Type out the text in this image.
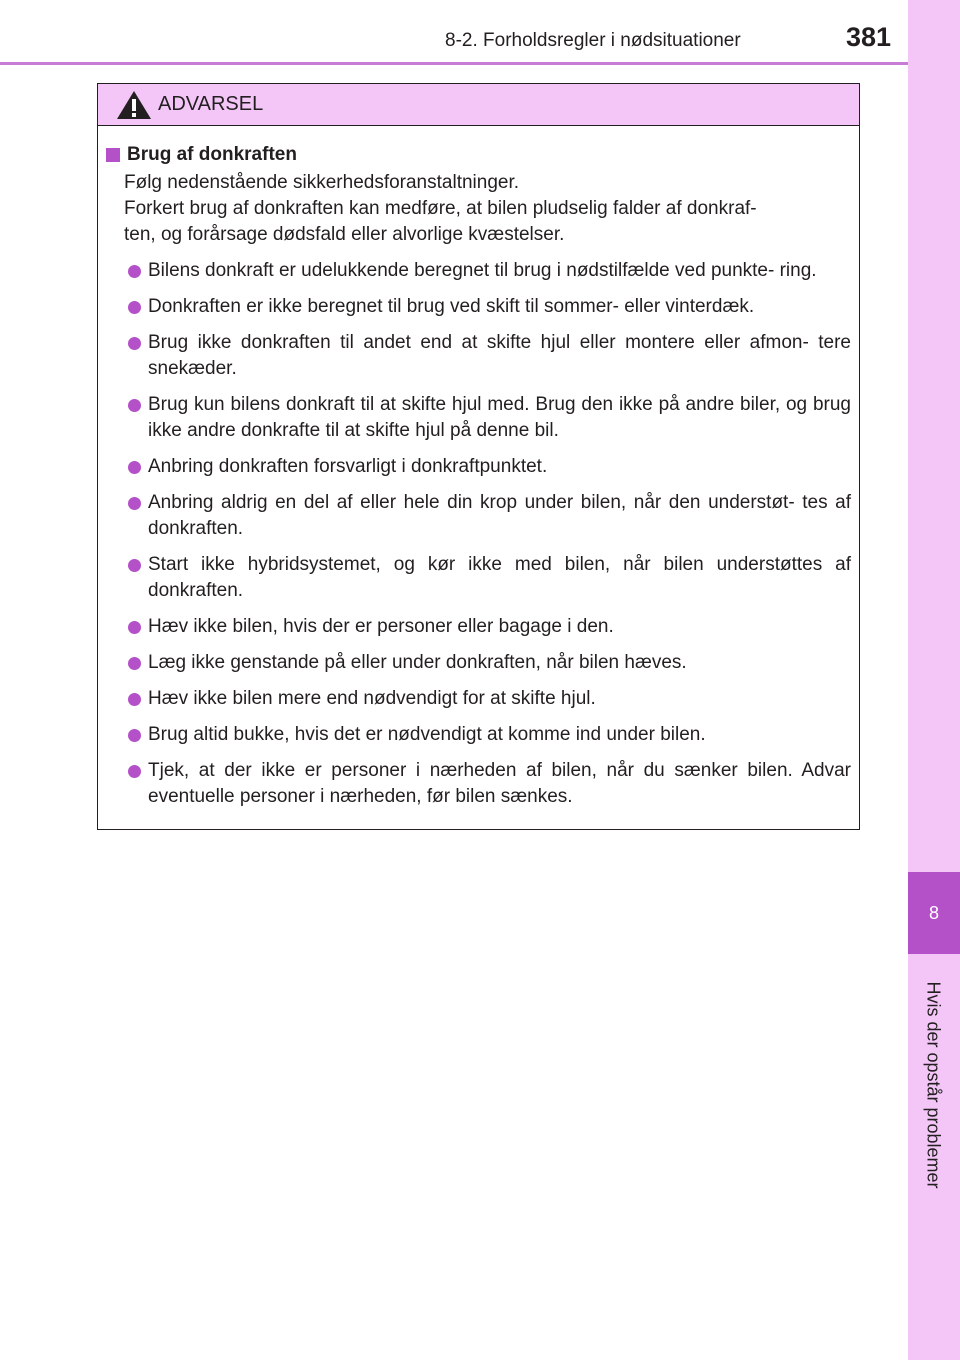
8-2. Forholdsregler i nødsituationer	381
8
Hvis der opstår problemer
ADVARSEL
Brug af donkraften
Følg nedenstående sikkerhedsforanstaltninger.
Forkert brug af donkraften kan medføre, at bilen pludselig falder af donkraf-
ten, og forårsage dødsfald eller alvorlige kvæstelser.
Bilens donkraft er udelukkende beregnet til brug i nødstilfælde ved punkte- ring.
Donkraften er ikke beregnet til brug ved skift til sommer- eller vinterdæk.
Brug ikke donkraften til andet end at skifte hjul eller montere eller afmon- tere snekæder.
Brug kun bilens donkraft til at skifte hjul med. Brug den ikke på andre biler, og brug ikke andre donkrafte til at skifte hjul på denne bil.
Anbring donkraften forsvarligt i donkraftpunktet.
Anbring aldrig en del af eller hele din krop under bilen, når den understøt- tes af donkraften.
Start ikke hybridsystemet, og kør ikke med bilen, når bilen understøttes af donkraften.
Hæv ikke bilen, hvis der er personer eller bagage i den.
Læg ikke genstande på eller under donkraften, når bilen hæves.
Hæv ikke bilen mere end nødvendigt for at skifte hjul.
Brug altid bukke, hvis det er nødvendigt at komme ind under bilen.
Tjek, at der ikke er personer i nærheden af bilen, når du sænker bilen. Advar eventuelle personer i nærheden, før bilen sænkes.
